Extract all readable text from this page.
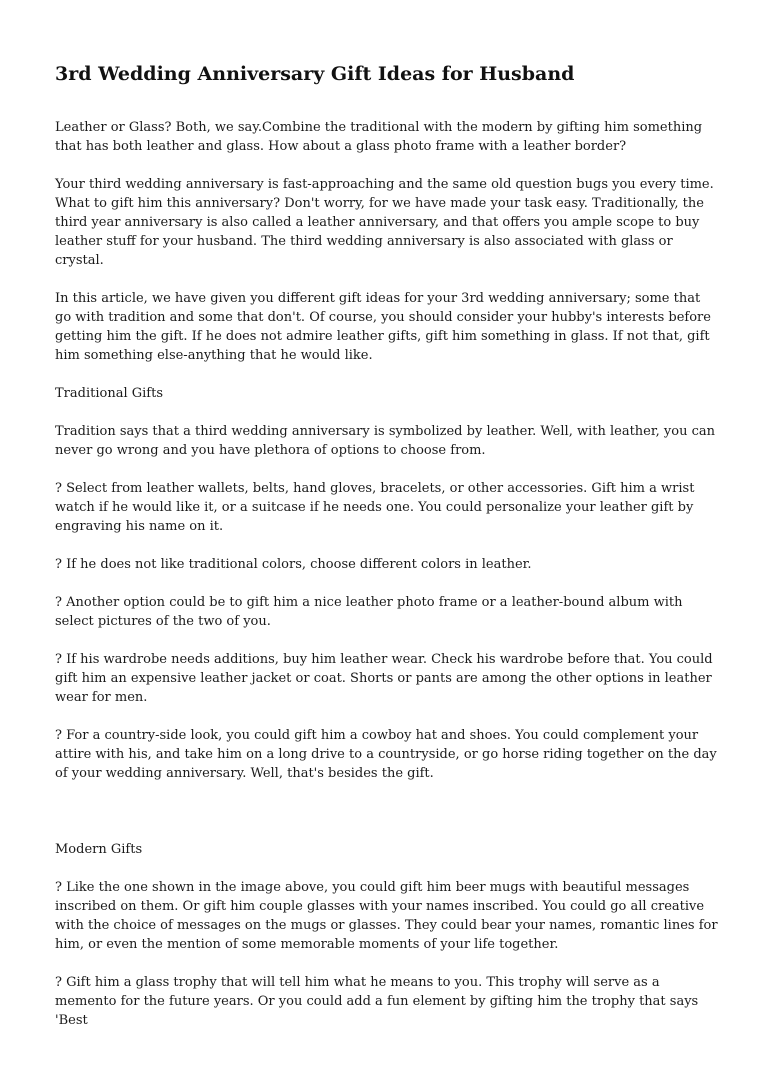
3rd Wedding Anniversary Gift Ideas for Husband

Leather or Glass? Both, we say.Combine the traditional with the modern by gifting him something that has both leather and glass. How about a glass photo frame with a leather border?

Your third wedding anniversary is fast-approaching and the same old question bugs you every time. What to gift him this anniversary? Don't worry, for we have made your task easy. Traditionally, the third year anniversary is also called a leather anniversary, and that offers you ample scope to buy leather stuff for your husband. The third wedding anniversary is also associated with glass or crystal.

In this article, we have given you different gift ideas for your 3rd wedding anniversary; some that go with tradition and some that don't. Of course, you should consider your hubby's interests before getting him the gift. If he does not admire leather gifts, gift him something in glass. If not that, gift him something else-anything that he would like.

Traditional Gifts

Tradition says that a third wedding anniversary is symbolized by leather. Well, with leather, you can never go wrong and you have plethora of options to choose from.

? Select from leather wallets, belts, hand gloves, bracelets, or other accessories. Gift him a wrist watch if he would like it, or a suitcase if he needs one. You could personalize your leather gift by engraving his name on it.

? If he does not like traditional colors, choose different colors in leather.

? Another option could be to gift him a nice leather photo frame or a leather-bound album with select pictures of the two of you.

? If his wardrobe needs additions, buy him leather wear. Check his wardrobe before that. You could gift him an expensive leather jacket or coat. Shorts or pants are among the other options in leather wear for men.

? For a country-side look, you could gift him a cowboy hat and shoes. You could complement your attire with his, and take him on a long drive to a countryside, or go horse riding together on the day of your wedding anniversary. Well, that's besides the gift.

Modern Gifts

? Like the one shown in the image above, you could gift him beer mugs with beautiful messages inscribed on them. Or gift him couple glasses with your names inscribed. You could go all creative with the choice of messages on the mugs or glasses. They could bear your names, romantic lines for him, or even the mention of some memorable moments of your life together.

? Gift him a glass trophy that will tell him what he means to you. This trophy will serve as a memento for the future years. Or you could add a fun element by gifting him the trophy that says 'Best
